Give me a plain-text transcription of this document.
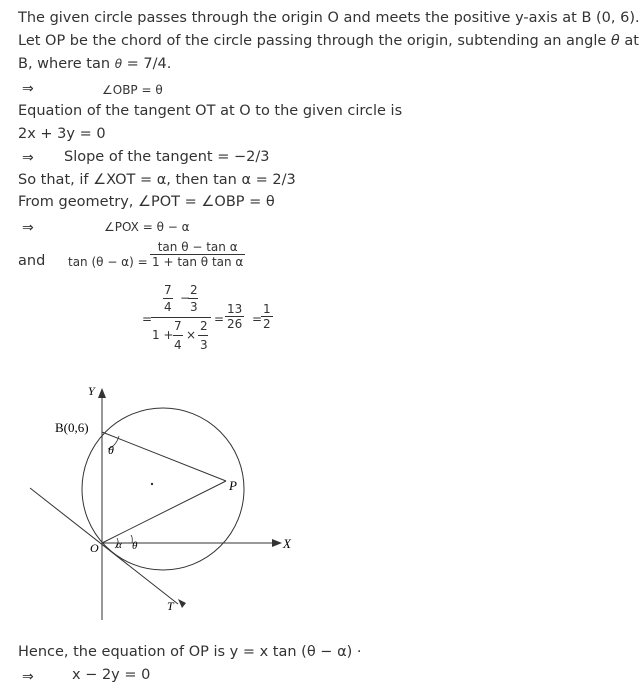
The given circle passes through the origin O and meets the positive y-axis at B (0, 6).
Let OP be the chord of the circle passing through the origin, subtending an angle θ at
B, where tan θ = 7/4.
⇒	∠OBP = θ
Equation of the tangent OT at O to the given circle is
2x + 3y = 0
⇒ Slope of the tangent = −2/3
So that, if ∠XOT = α, then tan α = 2/3
From geometry, ∠POT = ∠OBP = θ
⇒	∠POX = θ − α
and $\tan (\theta - \alpha) = \frac{\text{tan θ − tan α}}{\text{1 + tan θ tan α}}$
=
7
−
2
4 3
7 2
1 + ×
4 3
= $\frac{13}{26}$ =
$\frac{1}{2}$
Y
B(0,6)
θ
P
O α θ	X
T
Hence, the equation of OP is y = x tan (θ − α) ·
⇒	x − 2y = 0
